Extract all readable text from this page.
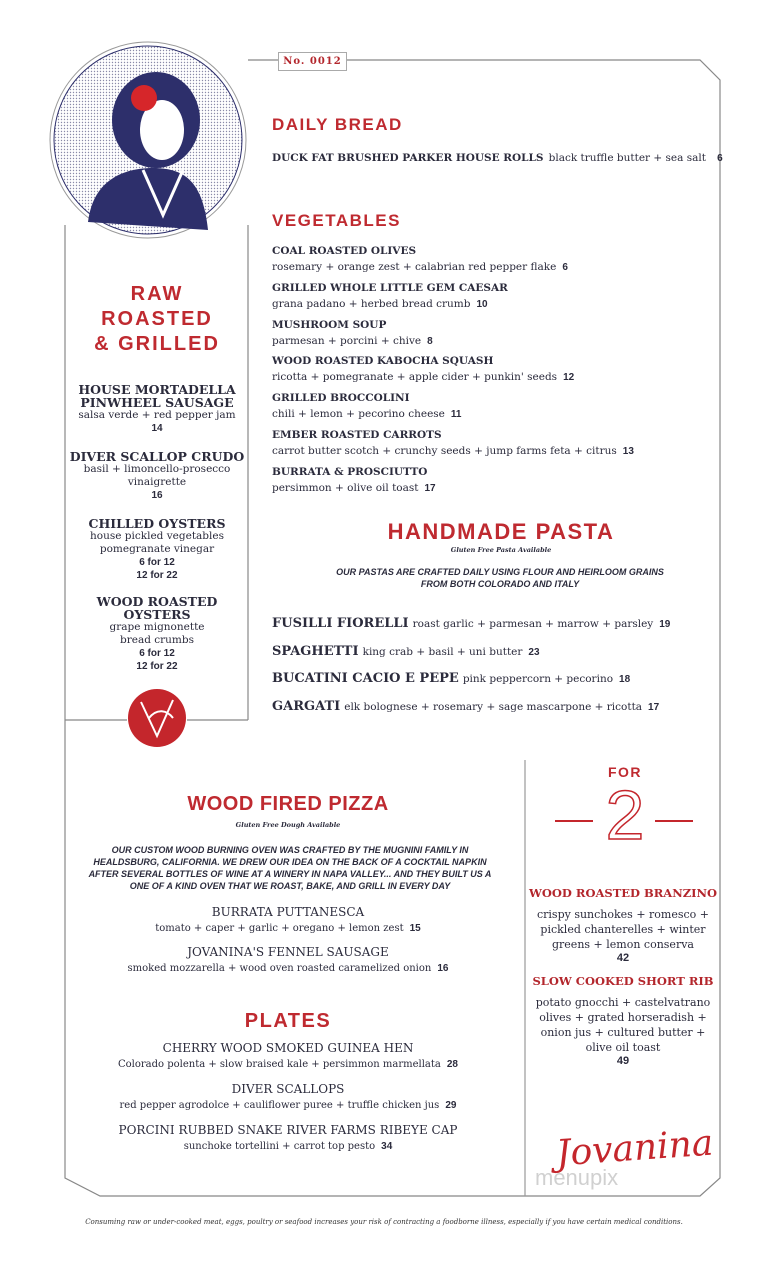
No. 0012
DAILY BREAD
DUCK FAT BRUSHED PARKER HOUSE ROLLS black truffle butter + sea salt 6
VEGETABLES
COAL ROASTED OLIVES
rosemary + orange zest + calabrian red pepper flake 6
GRILLED WHOLE LITTLE GEM CAESAR
grana padano + herbed bread crumb 10
MUSHROOM SOUP
parmesan + porcini + chive 8
WOOD ROASTED KABOCHA SQUASH
ricotta + pomegranate + apple cider + punkin' seeds 12
GRILLED BROCCOLINI
chili + lemon + pecorino cheese 11
EMBER ROASTED CARROTS
carrot butter scotch + crunchy seeds + jump farms feta + citrus 13
BURRATA & PROSCIUTTO
persimmon + olive oil toast 17
RAW
ROASTED
& GRILLED
HOUSE MORTADELLA
PINWHEEL SAUSAGE
salsa verde + red pepper jam
14
DIVER SCALLOP CRUDO
basil + limoncello-prosecco
vinaigrette
16
CHILLED OYSTERS
house pickled vegetables
pomegranate vinegar
6 for 12
12 for 22
WOOD ROASTED OYSTERS
grape mignonette
bread crumbs
6 for 12
12 for 22
HANDMADE PASTA
Gluten Free Pasta Available
OUR PASTAS ARE CRAFTED DAILY USING FLOUR AND HEIRLOOM GRAINS
FROM BOTH COLORADO AND ITALY
FUSILLI FIORELLI roast garlic + parmesan + marrow + parsley 19
SPAGHETTI king crab + basil + uni butter 23
BUCATINI CACIO E PEPE pink peppercorn + pecorino 18
GARGATI elk bolognese + rosemary + sage mascarpone + ricotta 17
WOOD FIRED PIZZA
Gluten Free Dough Available
OUR CUSTOM WOOD BURNING OVEN WAS CRAFTED BY THE MUGNINI FAMILY IN
HEALDSBURG, CALIFORNIA. WE DREW OUR IDEA ON THE BACK OF A COCKTAIL NAPKIN
AFTER SEVERAL BOTTLES OF WINE AT A WINERY IN NAPA VALLEY... AND THEY BUILT US A
ONE OF A KIND OVEN THAT WE ROAST, BAKE, AND GRILL IN EVERY DAY
BURRATA PUTTANESCA
tomato + caper + garlic + oregano + lemon zest 15
JOVANINA'S FENNEL SAUSAGE
smoked mozzarella + wood oven roasted caramelized onion 16
PLATES
CHERRY WOOD SMOKED GUINEA HEN
Colorado polenta + slow braised kale + persimmon marmellata 28
DIVER SCALLOPS
red pepper agrodolce + cauliflower puree + truffle chicken jus 29
PORCINI RUBBED SNAKE RIVER FARMS RIBEYE CAP
sunchoke tortellini + carrot top pesto 34
FOR
2
WOOD ROASTED BRANZINO
crispy sunchokes + romesco +
pickled chanterelles + winter
greens + lemon conserva
42
SLOW COOKED SHORT RIB
potato gnocchi + castelvatrano
olives + grated horseradish +
onion jus + cultured butter +
olive oil toast
49
Jovanina
menupix
Consuming raw or under-cooked meat, eggs, poultry or seafood increases your risk of contracting a foodborne illness, especially if you have certain medical conditions.
